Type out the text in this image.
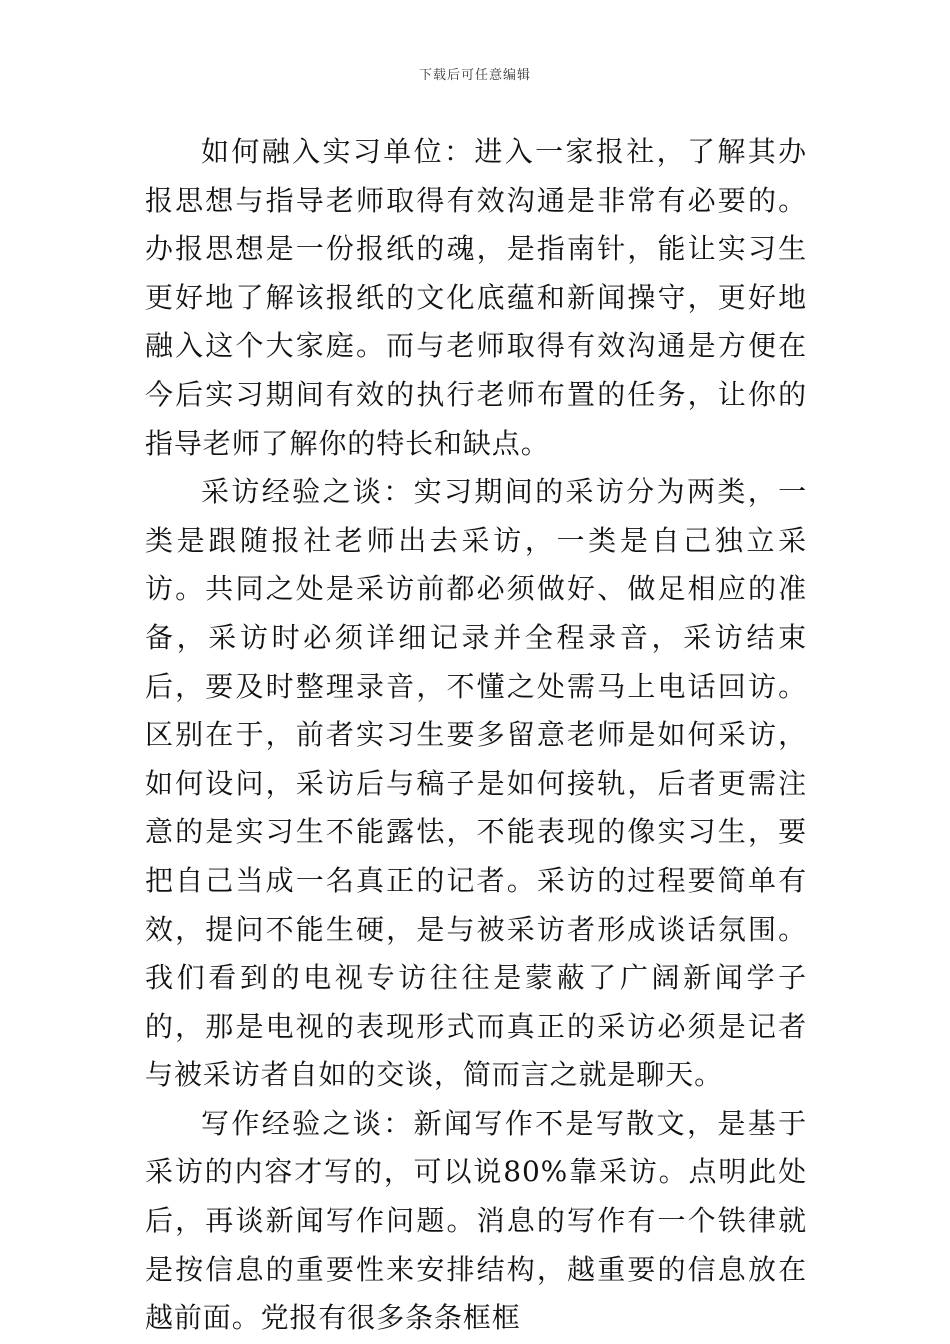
下载后可任意编辑

如何融入实习单位：进入一家报社，了解其办报思想与指导老师取得有效沟通是非常有必要的。办报思想是一份报纸的魂，是指南针，能让实习生更好地了解该报纸的文化底蕴和新闻操守，更好地融入这个大家庭。而与老师取得有效沟通是方便在今后实习期间有效的执行老师布置的任务，让你的指导老师了解你的特长和缺点。

采访经验之谈：实习期间的采访分为两类，一类是跟随报社老师出去采访，一类是自己独立采访。共同之处是采访前都必须做好、做足相应的准备，采访时必须详细记录并全程录音，采访结束后，要及时整理录音，不懂之处需马上电话回访。区别在于，前者实习生要多留意老师是如何采访，如何设问，采访后与稿子是如何接轨，后者更需注意的是实习生不能露怯，不能表现的像实习生，要把自己当成一名真正的记者。采访的过程要简单有效，提问不能生硬，是与被采访者形成谈话氛围。我们看到的电视专访往往是蒙蔽了广阔新闻学子的，那是电视的表现形式而真正的采访必须是记者与被采访者自如的交谈，简而言之就是聊天。

写作经验之谈：新闻写作不是写散文，是基于采访的内容才写的，可以说80%靠采访。点明此处后，再谈新闻写作问题。消息的写作有一个铁律就是按信息的重要性来安排结构，越重要的信息放在越前面。党报有很多条条框框
